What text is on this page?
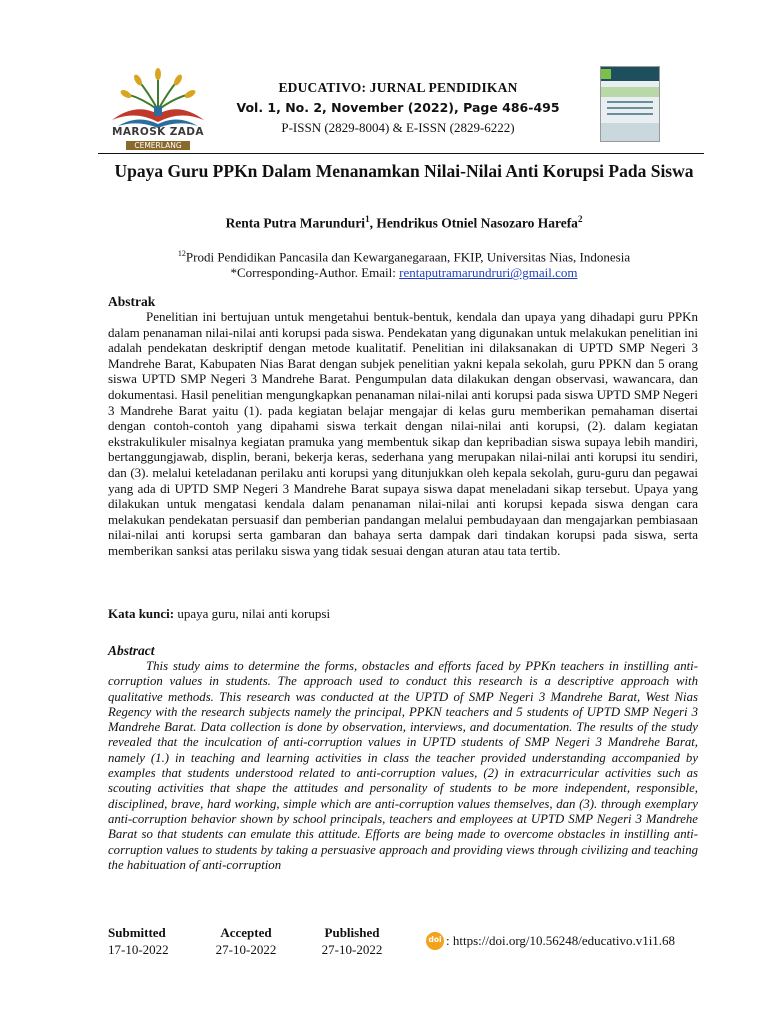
MAROSK ZADA
CEMERLANG
EDUCATIVO: JURNAL PENDIDIKAN
Vol. 1, No. 2, November (2022), Page 486-495
P-ISSN (2829-8004) & E-ISSN (2829-6222)
Upaya Guru PPKn Dalam Menanamkan Nilai-Nilai Anti Korupsi Pada Siswa
Renta Putra Marunduri$^1$, Hendrikus Otniel Nasozaro Harefa$^2$
$^{12}$Prodi Pendidikan Pancasila dan Kewarganegaraan, FKIP, Universitas Nias, Indonesia
*Corresponding-Author. Email: rentaputramarundruri@gmail.com
Abstrak
Penelitian ini bertujuan untuk mengetahui bentuk-bentuk, kendala dan upaya yang dihadapi guru PPKn dalam penanaman nilai-nilai anti korupsi pada siswa. Pendekatan yang digunakan untuk melakukan penelitian ini adalah pendekatan deskriptif dengan metode kualitatif. Penelitian ini dilaksanakan di UPTD SMP Negeri 3 Mandrehe Barat, Kabupaten Nias Barat dengan subjek penelitian yakni kepala sekolah, guru PPKN dan 5 orang siswa UPTD SMP Negeri 3 Mandrehe Barat. Pengumpulan data dilakukan dengan observasi, wawancara, dan dokumentasi. Hasil penelitian mengungkapkan penanaman nilai-nilai anti korupsi pada siswa UPTD SMP Negeri 3 Mandrehe Barat yaitu (1). pada kegiatan belajar mengajar di kelas guru memberikan pemahaman disertai dengan contoh-contoh yang dipahami siswa terkait dengan nilai-nilai anti korupsi, (2). dalam kegiatan ekstrakulikuler misalnya kegiatan pramuka yang membentuk sikap dan kepribadian siswa supaya lebih mandiri, bertanggungjawab, displin, berani, bekerja keras, sederhana yang merupakan nilai-nilai anti korupsi itu sendiri, dan (3). melalui keteladanan perilaku anti korupsi yang ditunjukkan oleh kepala sekolah, guru-guru dan pegawai yang ada di UPTD SMP Negeri 3 Mandrehe Barat supaya siswa dapat meneladani sikap tersebut. Upaya yang dilakukan untuk mengatasi kendala dalam penanaman nilai-nilai anti korupsi kepada siswa dengan cara melakukan pendekatan persuasif dan pemberian pandangan melalui pembudayaan dan mengajarkan pembiasaan nilai-nilai anti korupsi serta gambaran dan bahaya serta dampak dari tindakan korupsi pada siswa, serta memberikan sanksi atas perilaku siswa yang tidak sesuai dengan aturan atau tata tertib.
Kata kunci: upaya guru, nilai anti korupsi
Abstract
This study aims to determine the forms, obstacles and efforts faced by PPKn teachers in instilling anti-corruption values in students. The approach used to conduct this research is a descriptive approach with qualitative methods. This research was conducted at the UPTD of SMP Negeri 3 Mandrehe Barat, West Nias Regency with the research subjects namely the principal, PPKN teachers and 5 students of UPTD SMP Negeri 3 Mandrehe Barat. Data collection is done by observation, interviews, and documentation. The results of the study revealed that the inculcation of anti-corruption values in UPTD students of SMP Negeri 3 Mandrehe Barat, namely (1.) in teaching and learning activities in class the teacher provided understanding accompanied by examples that students understood related to anti-corruption values, (2) in extracurricular activities such as scouting activities that shape the attitudes and personality of students to be more independent, responsible, disciplined, brave, hard working, simple which are anti-corruption values themselves, dan (3). through exemplary anti-corruption behavior shown by school principals, teachers and employees at UPTD SMP Negeri 3 Mandrehe Barat so that students can emulate this attitude. Efforts are being made to overcome obstacles in instilling anti-corruption values to students by taking a persuasive approach and providing views through civilizing and teaching the habituation of anti-corruption
Submitted
17-10-2022
Accepted
27-10-2022
Published
27-10-2022
doi : https://doi.org/10.56248/educativo.v1i1.68
